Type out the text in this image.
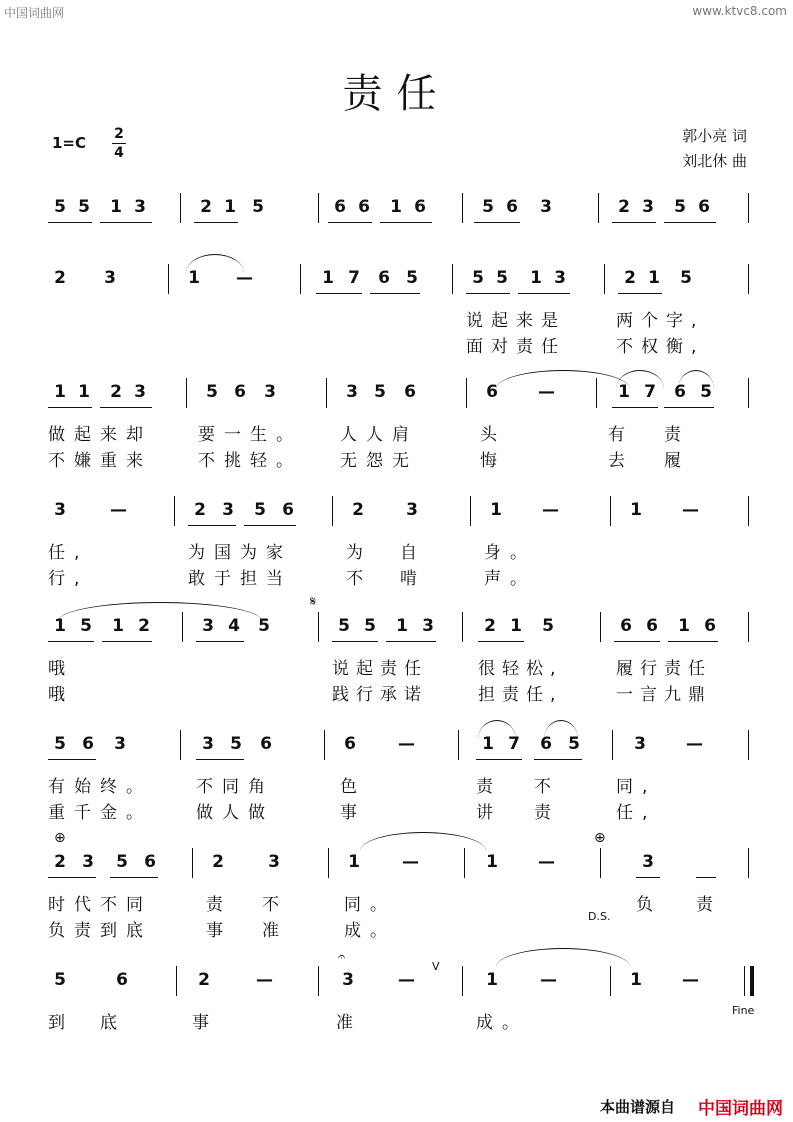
中国词曲网	www.ktvc8.com
责任
1=C 2
4
郭小亮 词
刘北休 曲
5 5 1 3	2 1 5	6 6 1 6	5 6 3	2 3 5 6
2 3	1 —	1 7 6 5	5 5 1 3	2 1 5
1 1 2 3	5 6 3	3 5 6	6 —	1 7 6 5
3	—	2 3 5 6	2 3	1 —	1 —
1 5 1 2	3 4 5	5 5 1 3	2 1 5	6 6 1 6
5 6 3	3 5 6	6 —	1 7 6 5	3 —
2 3 5 6	2	3	1 —	1 —	3
5	6	2	—	3	—	1 —	1 —
说起来是	两个字,
面对责任	不权衡,
做起来却
不嫌重来
要一生。
不挑轻。
人人肩
无怨无
头
悔
有
去
责
履
任,
行,
为国为家
敢于担当
为
不
自
啃
身。
声。
哦
哦
说起责任
践行承诺
很轻松,
担责任,
履行责任
一言九鼎
有始终。
重千金。
不同角
做人做
色
事
责
讲
不
责
同,
任,
时代不同	责 不	同。	负 责
负责到底	事 准	成。
到 底	事	准	成。
D.S.
Fine
𝄋
⊕	⊕
V
𝄐
本曲谱源自 中国词曲网
